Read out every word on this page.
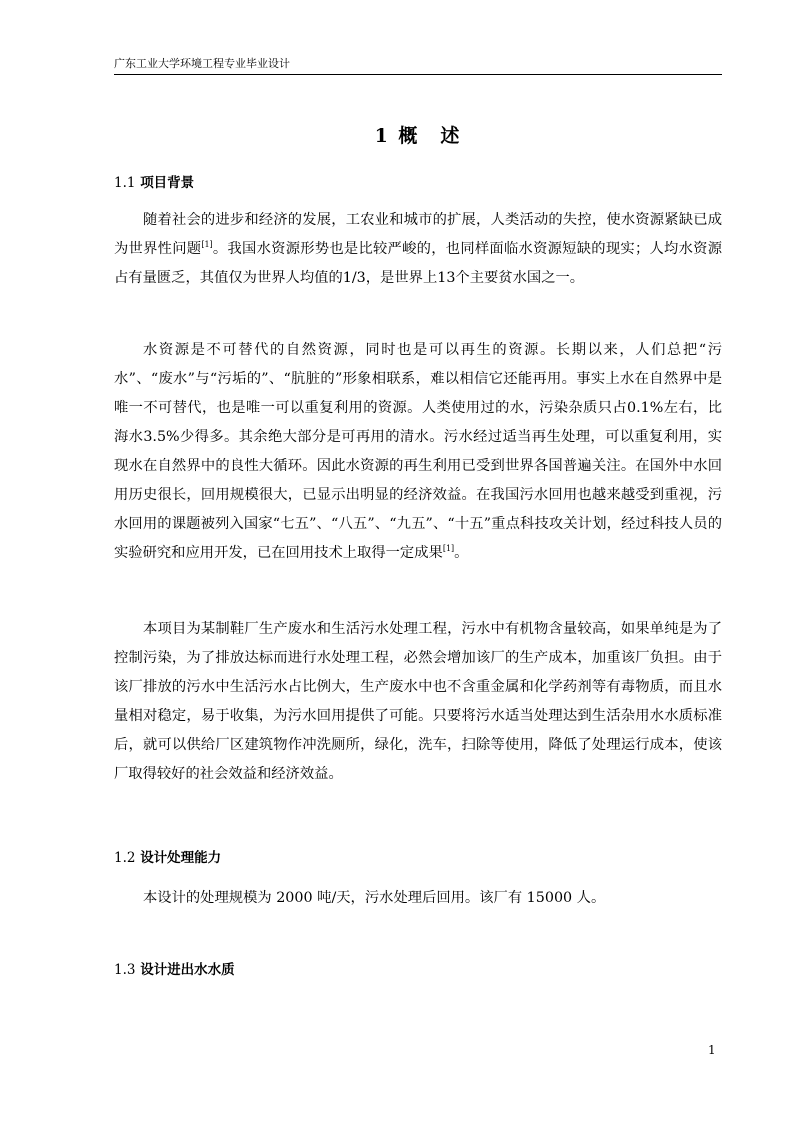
广东工业大学环境工程专业毕业设计
1 概　述
1.1 项目背景

随着社会的进步和经济的发展，工农业和城市的扩展，人类活动的失控，使水资源紧缺已成为世界性问题[1]。我国水资源形势也是比较严峻的，也同样面临水资源短缺的现实；人均水资源占有量匮乏，其值仅为世界人均值的1/3，是世界上13个主要贫水国之一。

水资源是不可替代的自然资源，同时也是可以再生的资源。长期以来，人们总把“污水”、“废水”与“污垢的”、“肮脏的”形象相联系，难以相信它还能再用。事实上水在自然界中是唯一不可替代，也是唯一可以重复利用的资源。人类使用过的水，污染杂质只占0.1%左右，比海水3.5%少得多。其余绝大部分是可再用的清水。污水经过适当再生处理，可以重复利用，实现水在自然界中的良性大循环。因此水资源的再生利用已受到世界各国普遍关注。在国外中水回用历史很长，回用规模很大，已显示出明显的经济效益。在我国污水回用也越来越受到重视，污水回用的课题被列入国家“七五”、“八五”、“九五”、“十五”重点科技攻关计划，经过科技人员的实验研究和应用开发，已在回用技术上取得一定成果[1]。

本项目为某制鞋厂生产废水和生活污水处理工程，污水中有机物含量较高，如果单纯是为了控制污染，为了排放达标而进行水处理工程，必然会增加该厂的生产成本，加重该厂负担。由于该厂排放的污水中生活污水占比例大，生产废水中也不含重金属和化学药剂等有毒物质，而且水量相对稳定，易于收集，为污水回用提供了可能。只要将污水适当处理达到生活杂用水水质标准后，就可以供给厂区建筑物作冲洗厕所，绿化，洗车，扫除等使用，降低了处理运行成本，使该厂取得较好的社会效益和经济效益。

1.2 设计处理能力

本设计的处理规模为 2000 吨/天，污水处理后回用。该厂有 15000 人。

1.3 设计进出水水质
1
